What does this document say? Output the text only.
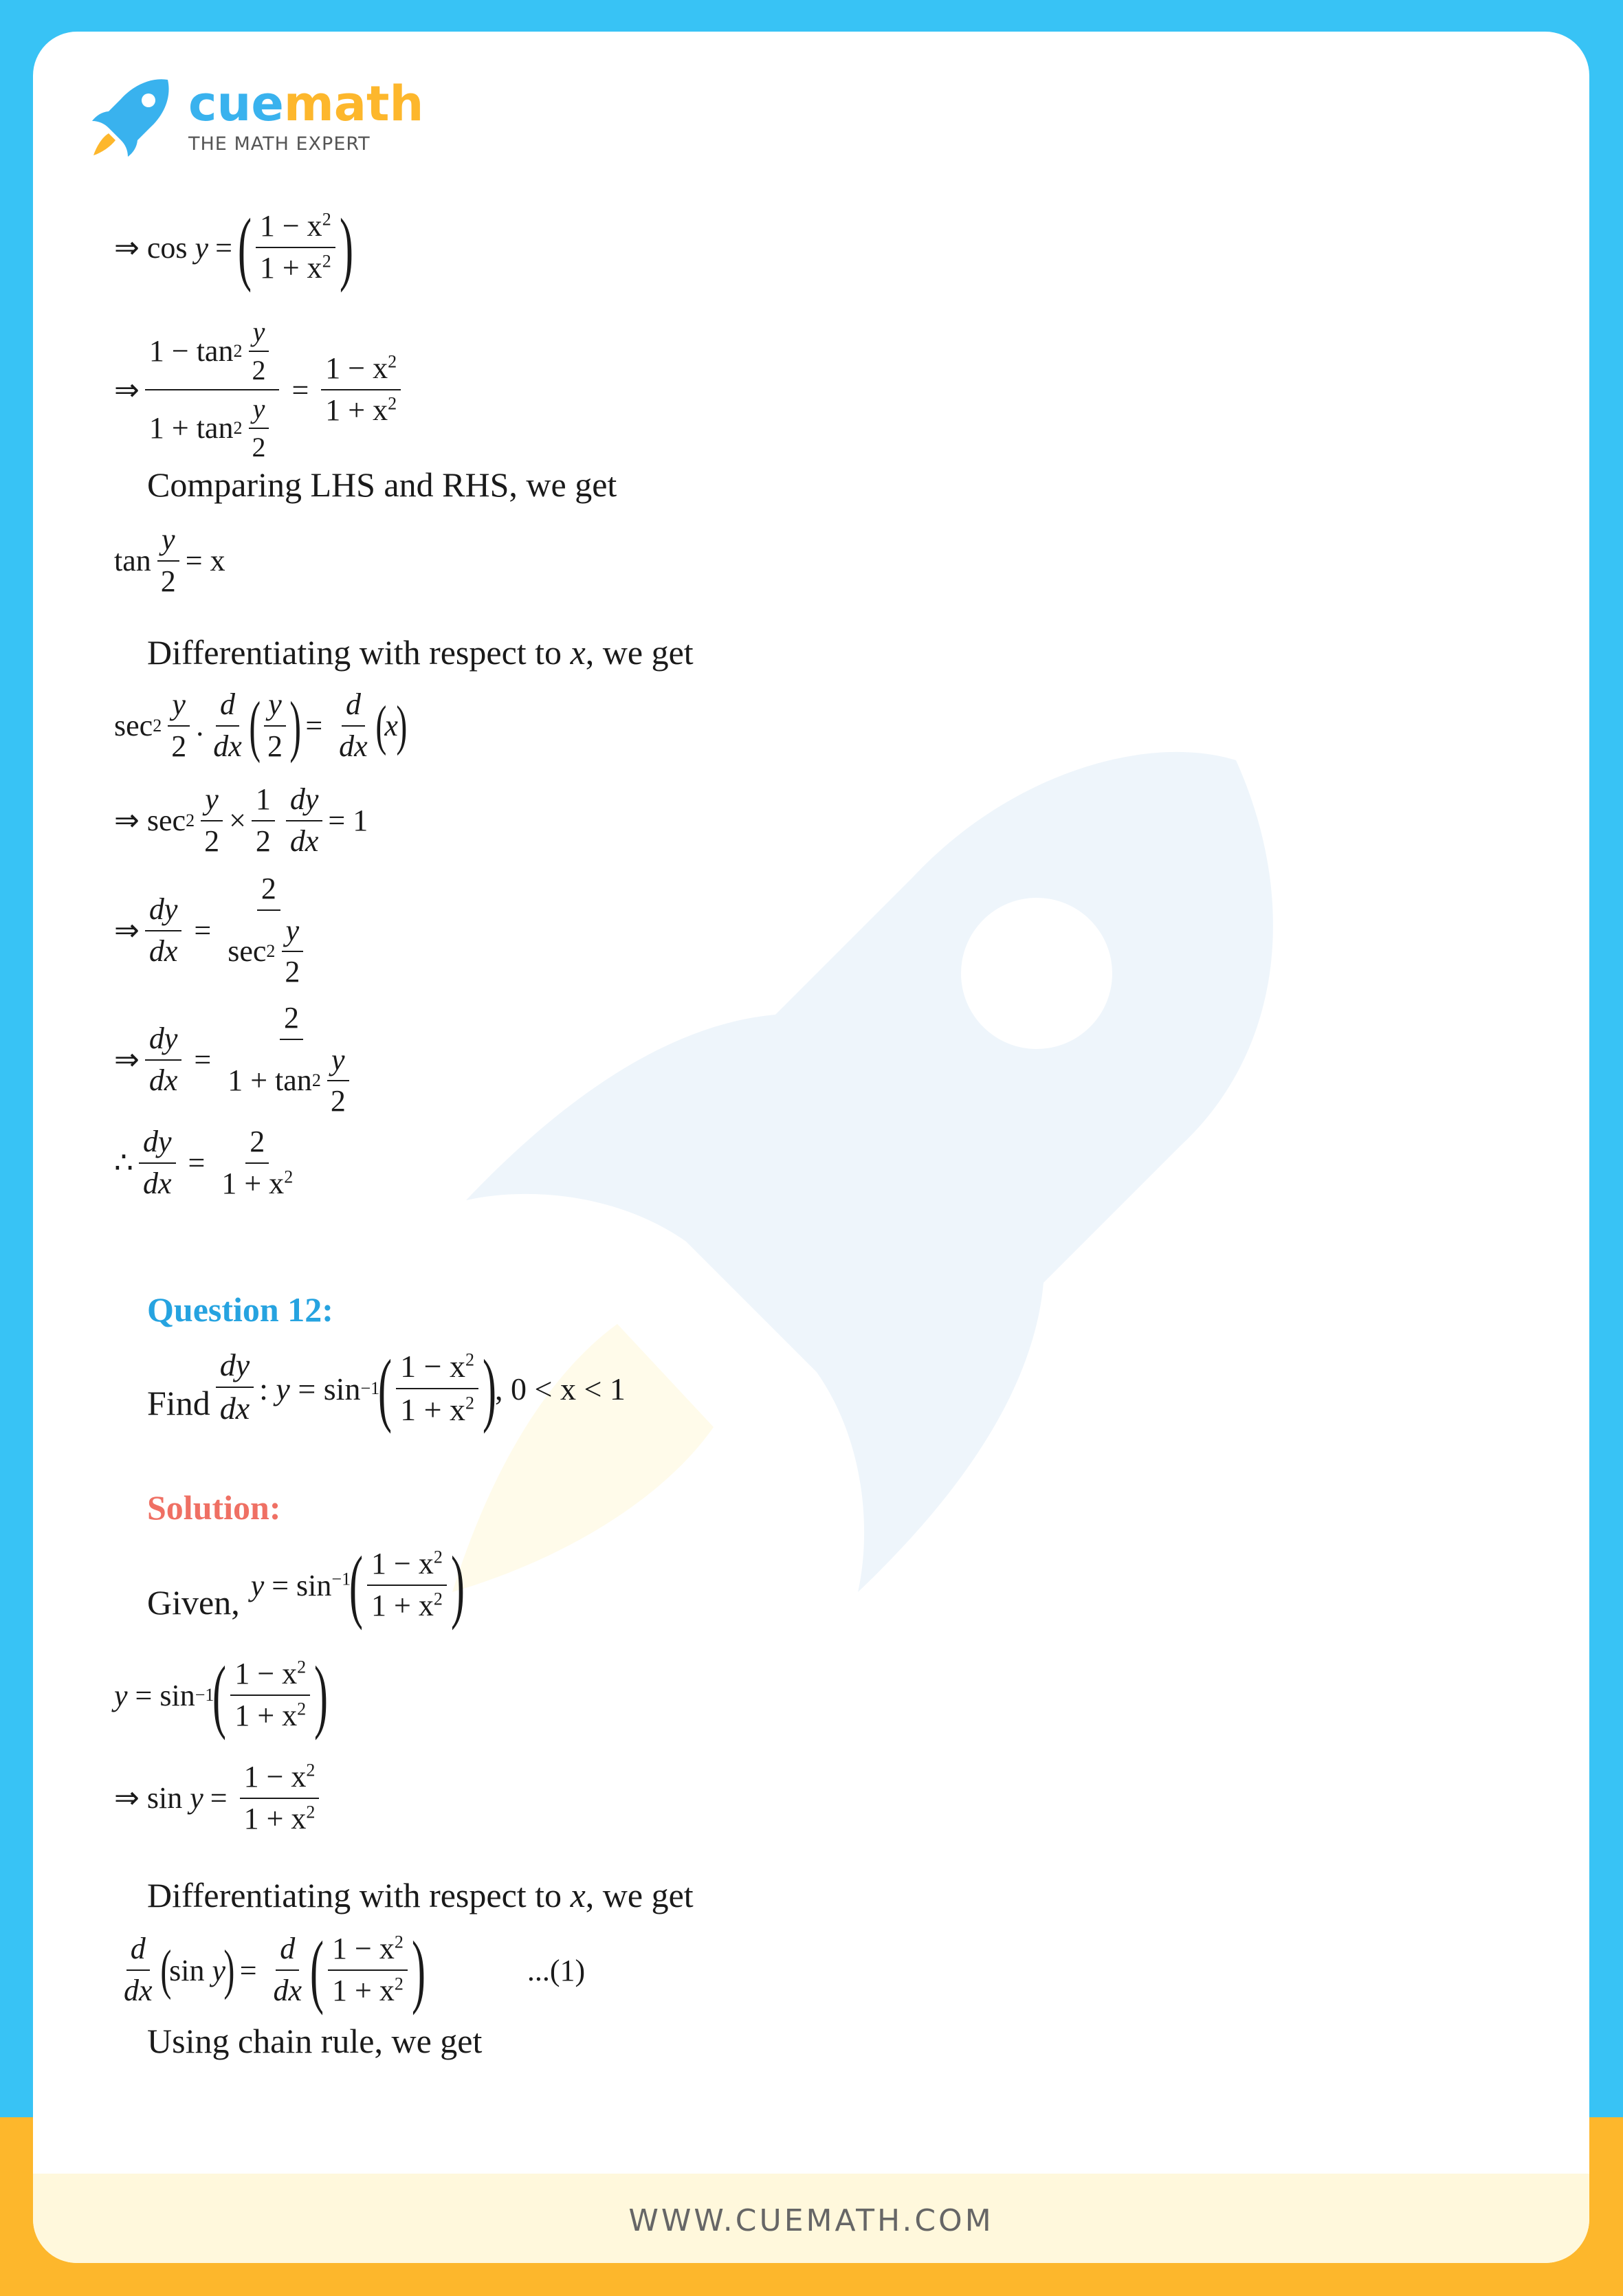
cuemath
THE MATH EXPERT
WWW.CUEMATH.COM
⇒ cos
y = ( $\frac{1 - x^2}{1 + x^2}$ )
⇒ $\frac{1 - \tan 2 \frac{y}{2}}{1 + \tan 2 \frac{y}{2}} = \frac{1 - x^2}{1 + x^2}$
Comparing LHS and RHS, we get
$\tan \frac{y}{2} = x$
Differentiating with respect to x, we get
$\sec 2 \frac{y}{2}$ . $\frac{d}{dx}$ ( $\frac{y}{2}$ ) = $\frac{d}{dx}$ (
x
)
⇒ $\sec 2 \frac{y}{2} \times \frac{1}{2} \frac{dy}{dx} = 1$
⇒ $\frac{dy}{dx} = \frac{2}{\sec 2 \frac{y}{2}}$
⇒ $\frac{dy}{dx} = \frac{2}{1 + \tan 2 \frac{y}{2}}$
∴ $\frac{dy}{dx} = \frac{2}{1 + x^2}$
Question 12:
Find $\frac{dy}{dx}$ :
y
= sin −1
( $\frac{1 - x^2}{1 + x^2}$ )
, 0 < x < 1
Solution:
Given, $y = \sin^{-1}$
( $\frac{1 - x^2}{1 + x^2}$ )
y
= sin −1
( $\frac{1 - x^2}{1 + x^2}$ )
⇒ sin
$y = \frac{1 - x^2}{1 + x^2}$
Differentiating with respect to x, we get
$\frac{d}{dx}$ (
sin
y
) = $\frac{d}{dx}$ ( $\frac{1 - x^2}{1 + x^2}$ )	...(1)
Using chain rule, we get
